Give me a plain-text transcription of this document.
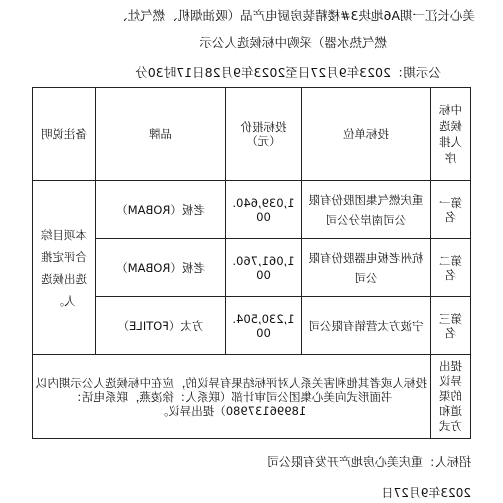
美心长江一期A6地块3#楼精装房厨电产品（吸油烟机、燃气灶、
燃气热水器）采购中标候选人公示
公示期：2023年9月27日至2023年9月28日17时30分
中标候选人排序	投标单位	投标报价（元）	品牌	备注说明
第一名	重庆燃气集团股份有限公司南岸分公司	1,039,640.00	老板（ROBAM）	本项目综合评定推选出候选人。
第二名	杭州老板电器股份有限公司	1,061,760.00	老板（ROBAM）	
第三名	宁波方太营销有限公司	1,230,504.00	方太（FOTILE）	
提出异议的渠道和方式	投标人或者其他利害关系人对评标结果有异议的，应在中标候选人公示期内以书面形式向美心集团公司审计部（联系人：徐凌燕，联系电话：18996137980）提出异议。			
招标人：重庆美心房地产开发有限公司
2023年9月27日
